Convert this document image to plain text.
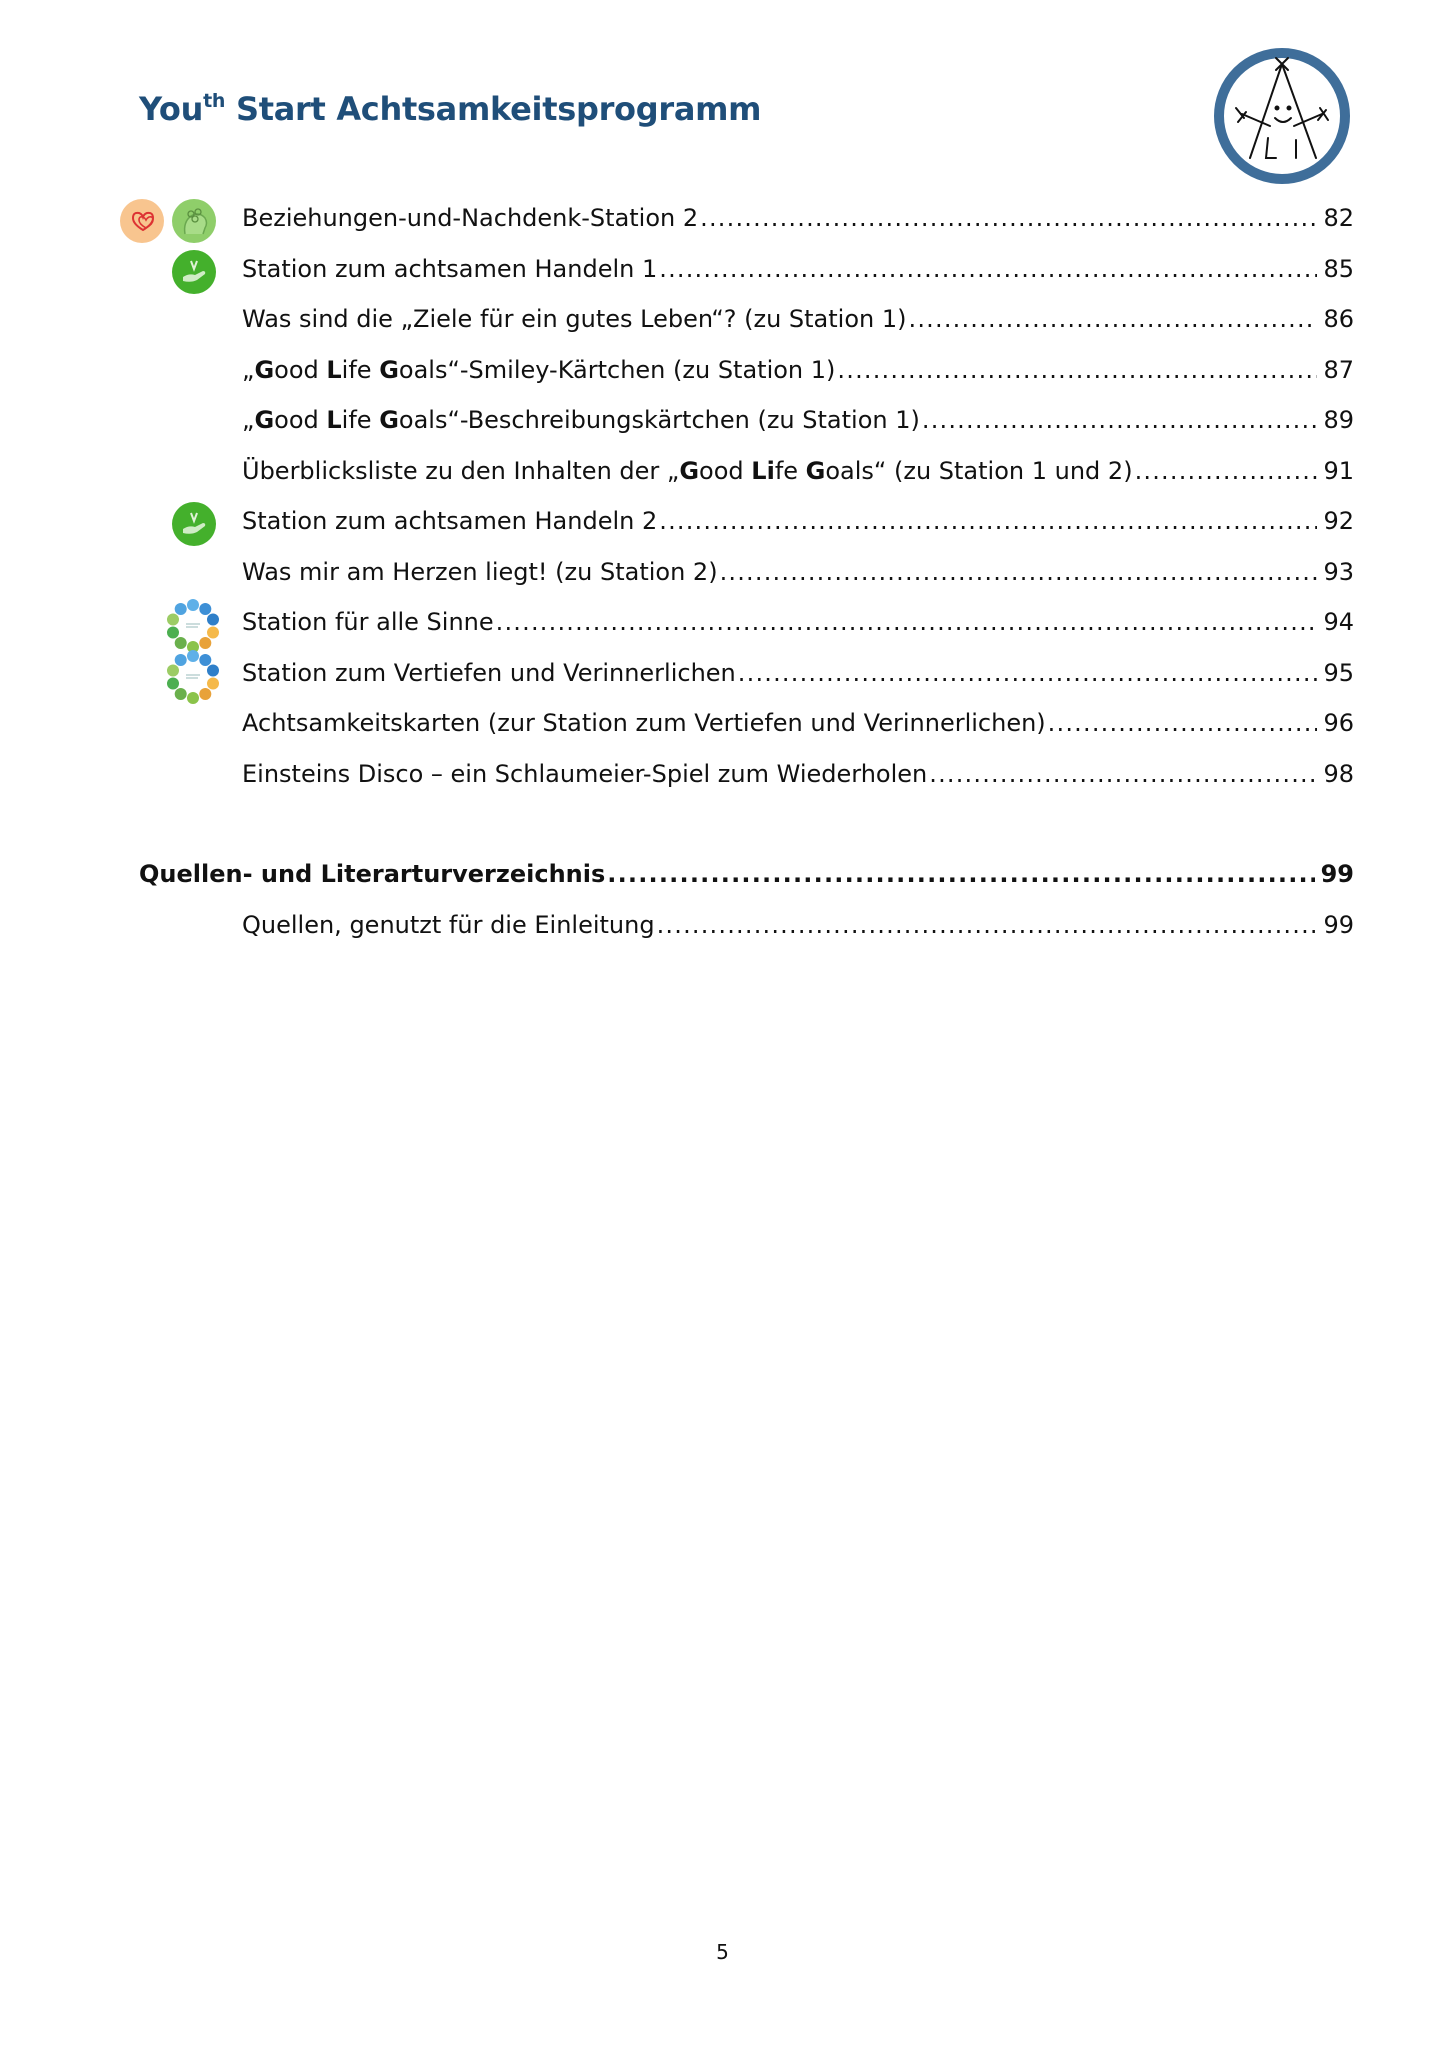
You$^{th}$ Start Achtsamkeitsprogramm
Beziehungen-und-Nachdenk-Station 2 .....	82
Station zum achtsamen Handeln 1 .....	85
Was sind die „Ziele für ein gutes Leben“? (zu Station 1) .....	86
„Good Life Goals“-Smiley-Kärtchen (zu Station 1) .....	87
„Good Life Goals“-Beschreibungskärtchen (zu Station 1) .....	89
Überblicksliste zu den Inhalten der „Good Life Goals“ (zu Station 1 und 2) .....	91
Station zum achtsamen Handeln 2 .....	92
Was mir am Herzen liegt! (zu Station 2) .....	93
Station für alle Sinne .....	94
Station zum Vertiefen und Verinnerlichen .....	95
Achtsamkeitskarten (zur Station zum Vertiefen und Verinnerlichen) .....	96
Einsteins Disco – ein Schlaumeier-Spiel zum Wiederholen .....	98
Quellen- und Literarturverzeichnis .....	99
Quellen, genutzt für die Einleitung .....	99
5
